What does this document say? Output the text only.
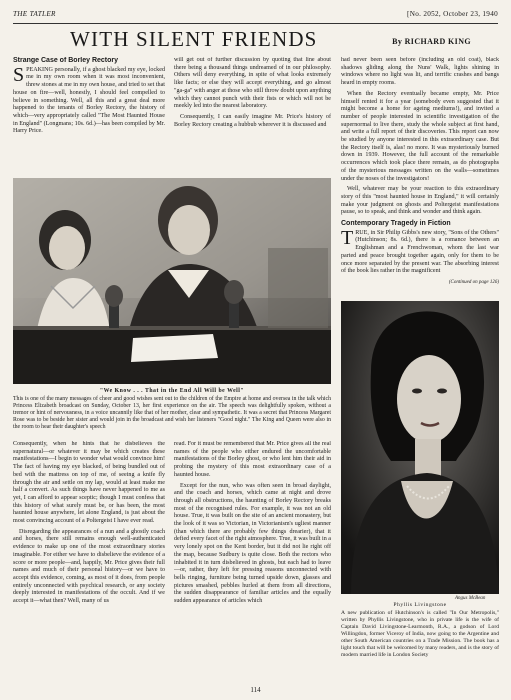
THE TATLER	[No. 2052, October 23, 1940
WITH SILENT FRIENDS	By RICHARD KING
Strange Case of Borley Rectory

SPEAKING personally, if a ghost blacked my eye, locked me in my own room when it was most inconvenient, threw stones at me in my own house, and tried to set that house on fire—well, honestly, I should feel compelled to believe in something. Well, all this and a great deal more happened to the tenants of Borley Rectory, the history of which—very appropriately called "The Most Haunted House in England" (Longmans; 10s. 6d.)—has been compiled by Mr. Harry Price.

will get out of further discussion by quoting that line about there being a thousand things undreamed of in our philosophy. Others will deny everything, in spite of what looks extremely like facts; or else they will accept everything, and go almost "ga-ga" with anger at those who still throw doubt upon anything which they cannot punch with their fists or which will not be meekly led into the nearest laboratory.

Consequently, I can easily imagine Mr. Price's history of Borley Rectory creating a hubbub wherever it is discussed and

had never been seen before (including an old coat), black shadows gliding along the Nuns' Walk, lights shining in windows where no light was lit, and terrific crashes and bangs heard in empty rooms.

When the Rectory eventually became empty, Mr. Price himself rented it for a year (somebody even suggested that it might become a home for ageing mediums!), and invited a number of people interested in scientific investigation of the supernormal to live there, study the whole subject at first hand, and write a full report of their discoveries. This report can now be studied by anyone interested in this extraordinary case. But the Rectory itself is, alas! no more. It was mysteriously burned down in 1939. However, the full account of the remarkable occurrences which took place there remain, as do photographs of the mysterious messages written on the walls—sometimes under the noses of the investigators!

Well, whatever may be your reaction to this extraordinary story of this "most haunted house in England," it will certainly make your judgment on ghosts and Poltergeist manifestations pause, so to speak, and think and wonder and think again.

Contemporary Tragedy in Fiction

TRUE, in Sir Philip Gibbs's new story, "Sons of the Others" (Hutchinson; 8s. 6d.), there is a romance between an Englishman and a Frenchwoman, whom the last war parted and peace brought together again, only for them to be once more separated by the present war. The absorbing interest of the book lies rather in the magnificent

(Continued on page 126)
"We Know . . . That in the End All Will be Well"
This is one of the many messages of cheer and good wishes sent out to the children of the Empire at home and oversea in the talk which Princess Elizabeth broadcast on Sunday, October 13, her first experience on the air. The speech was delightfully spoken, without a tremor or hint of nervousness, in a voice uncannily like that of her mother, clear and sympathetic. It was a secret that Princess Margaret Rose was to be beside her sister and would join in the broadcast and wish her listeners "Good night." The King and Queen were also in the room to hear their daughter's speech

Consequently, when he hints that he disbelieves the supernatural—or whatever it may be which creates these manifestations—I begin to wonder what would convince him! The fact of having my eye blacked, of being bundled out of bed with the mattress on top of me, of seeing a knife fly through the air and settle on my lap, would at least make me half a convert. As such things have never happened to me as yet, I can afford to appear sceptic; though I must confess that this history of what surely must be, or has been, the most haunted house anywhere, let alone England, is just about the most convincing account of a Poltergeist I have ever read.

Disregarding the appearances of a nun and a ghostly coach and horses, there still remains enough well-authenticated evidence to make up one of the most extraordinary stories imaginable. For either we have to disbelieve the evidence of a score or more people—and, happily, Mr. Price gives their full names and much of their personal history—or we have to accept this evidence, coming, as most of it does, from people entirely unconnected with psychical research, or any society deeply interested in manifestations of the occult. And if we accept it—what then? Well, many of us

read. For it must be remembered that Mr. Price gives all the real names of the people who either endured the uncomfortable manifestations of the Borley ghost, or who lent him their aid in probing the mystery of this most extraordinary case of a haunted house.

Except for the nun, who was often seen in broad daylight, and the coach and horses, which came at night and drove through all obstructions, the haunting of Borley Rectory breaks most of the recognised rules. For example, it was not an old house. True, it was built on the site of an ancient monastery, but the look of it was so Victorian, in Victorianism's ugliest manner (than which there are probably few things drearier), that it defied every facet of the right atmosphere. True, it was built in a very lonely spot on the Kent border, but it did not lie right off the map, because Sudbury is quite close. Both the rectors who inhabited it in turn disbelieved in ghosts, but each had to leave—or, rather, they left for pressing reasons unconnected with bells ringing, furniture being turned upside down, glasses and pictures smashed, pebbles hurled at them from all directions, the sudden disappearance of familiar articles and the equally sudden appearance of articles which	Angus McBean
Phyllis Livingstone
A new publication of Hutchinson's is called "In Our Metropolis," written by Phyllis Livingstone, who in private life is the wife of Captain David Livingstone-Learmonth, R.A., a godson of Lord Willingdon, former Viceroy of India, now going to the Argentine and other South American countries on a Trade Mission. The book has a light touch that will be welcomed by many readers, and is the story of modern married life in London Society
114
